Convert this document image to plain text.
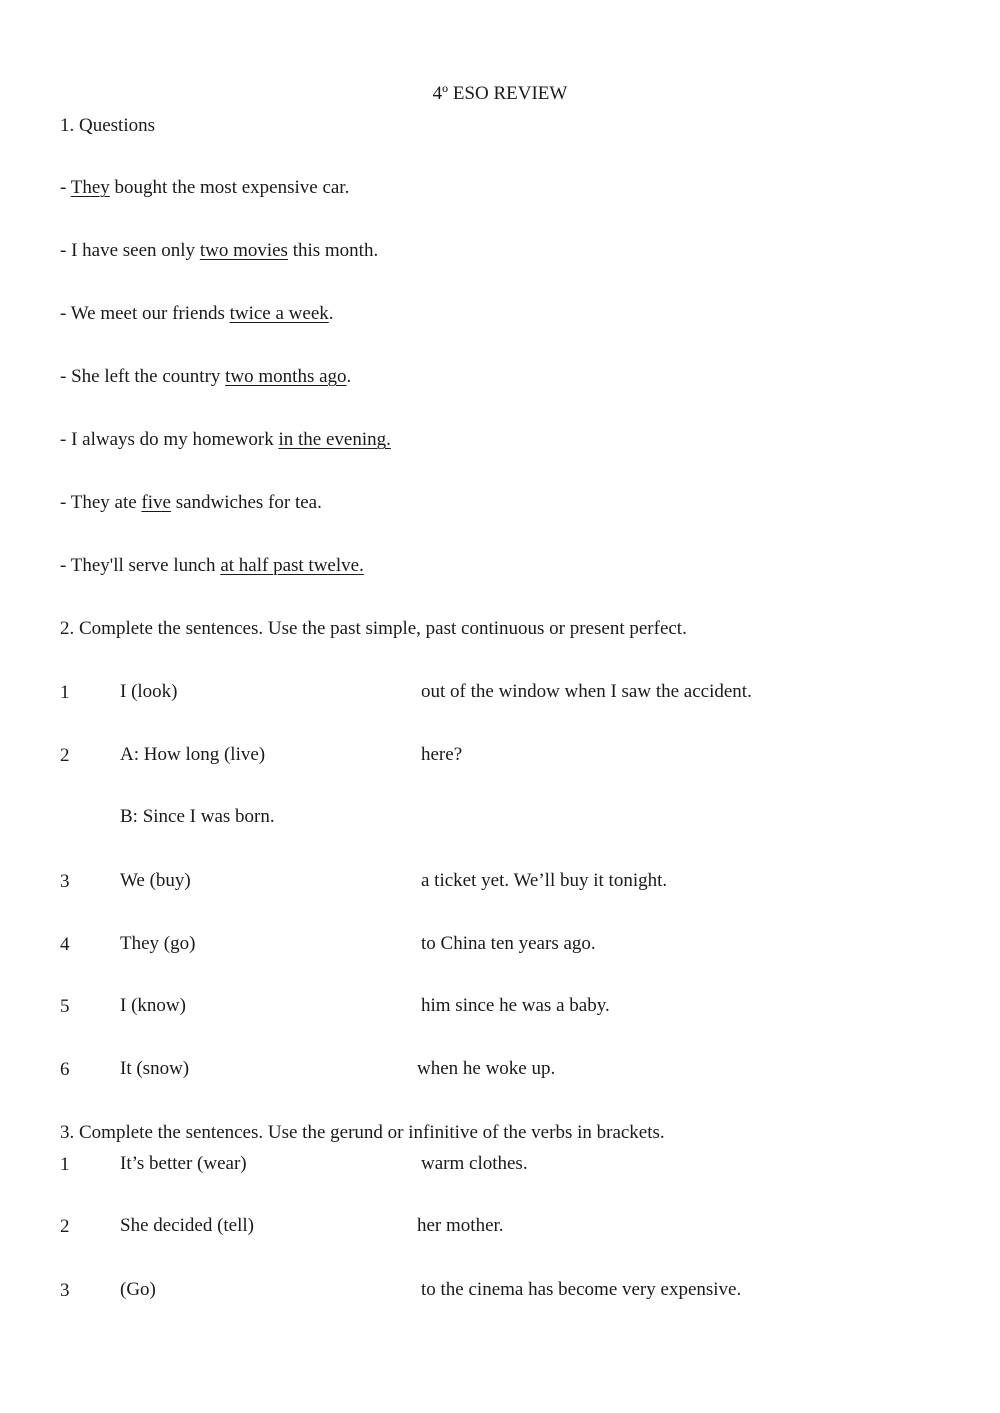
4º ESO REVIEW
1. Questions
- They bought the most expensive car.
- I have seen only two movies this month.
- We meet our friends twice a week.
- She left the country two months ago.
- I always do my homework in the evening.
- They ate five sandwiches for tea.
- They'll serve lunch at half past twelve.
2. Complete the sentences. Use the past simple, past continuous or present perfect.
1	I (look)	out of the window when I saw the accident.
2	A: How long (live)	here?
B: Since I was born.
3	We (buy)	a ticket yet. We’ll buy it tonight.
4	They (go)	to China ten years ago.
5	I (know)	him since he was a baby.
6	It (snow)	when he woke up.
3. Complete the sentences. Use the gerund or infinitive of the verbs in brackets.
1	It’s better (wear)	warm clothes.
2	She decided (tell)	her mother.
3	(Go)	to the cinema has become very expensive.
